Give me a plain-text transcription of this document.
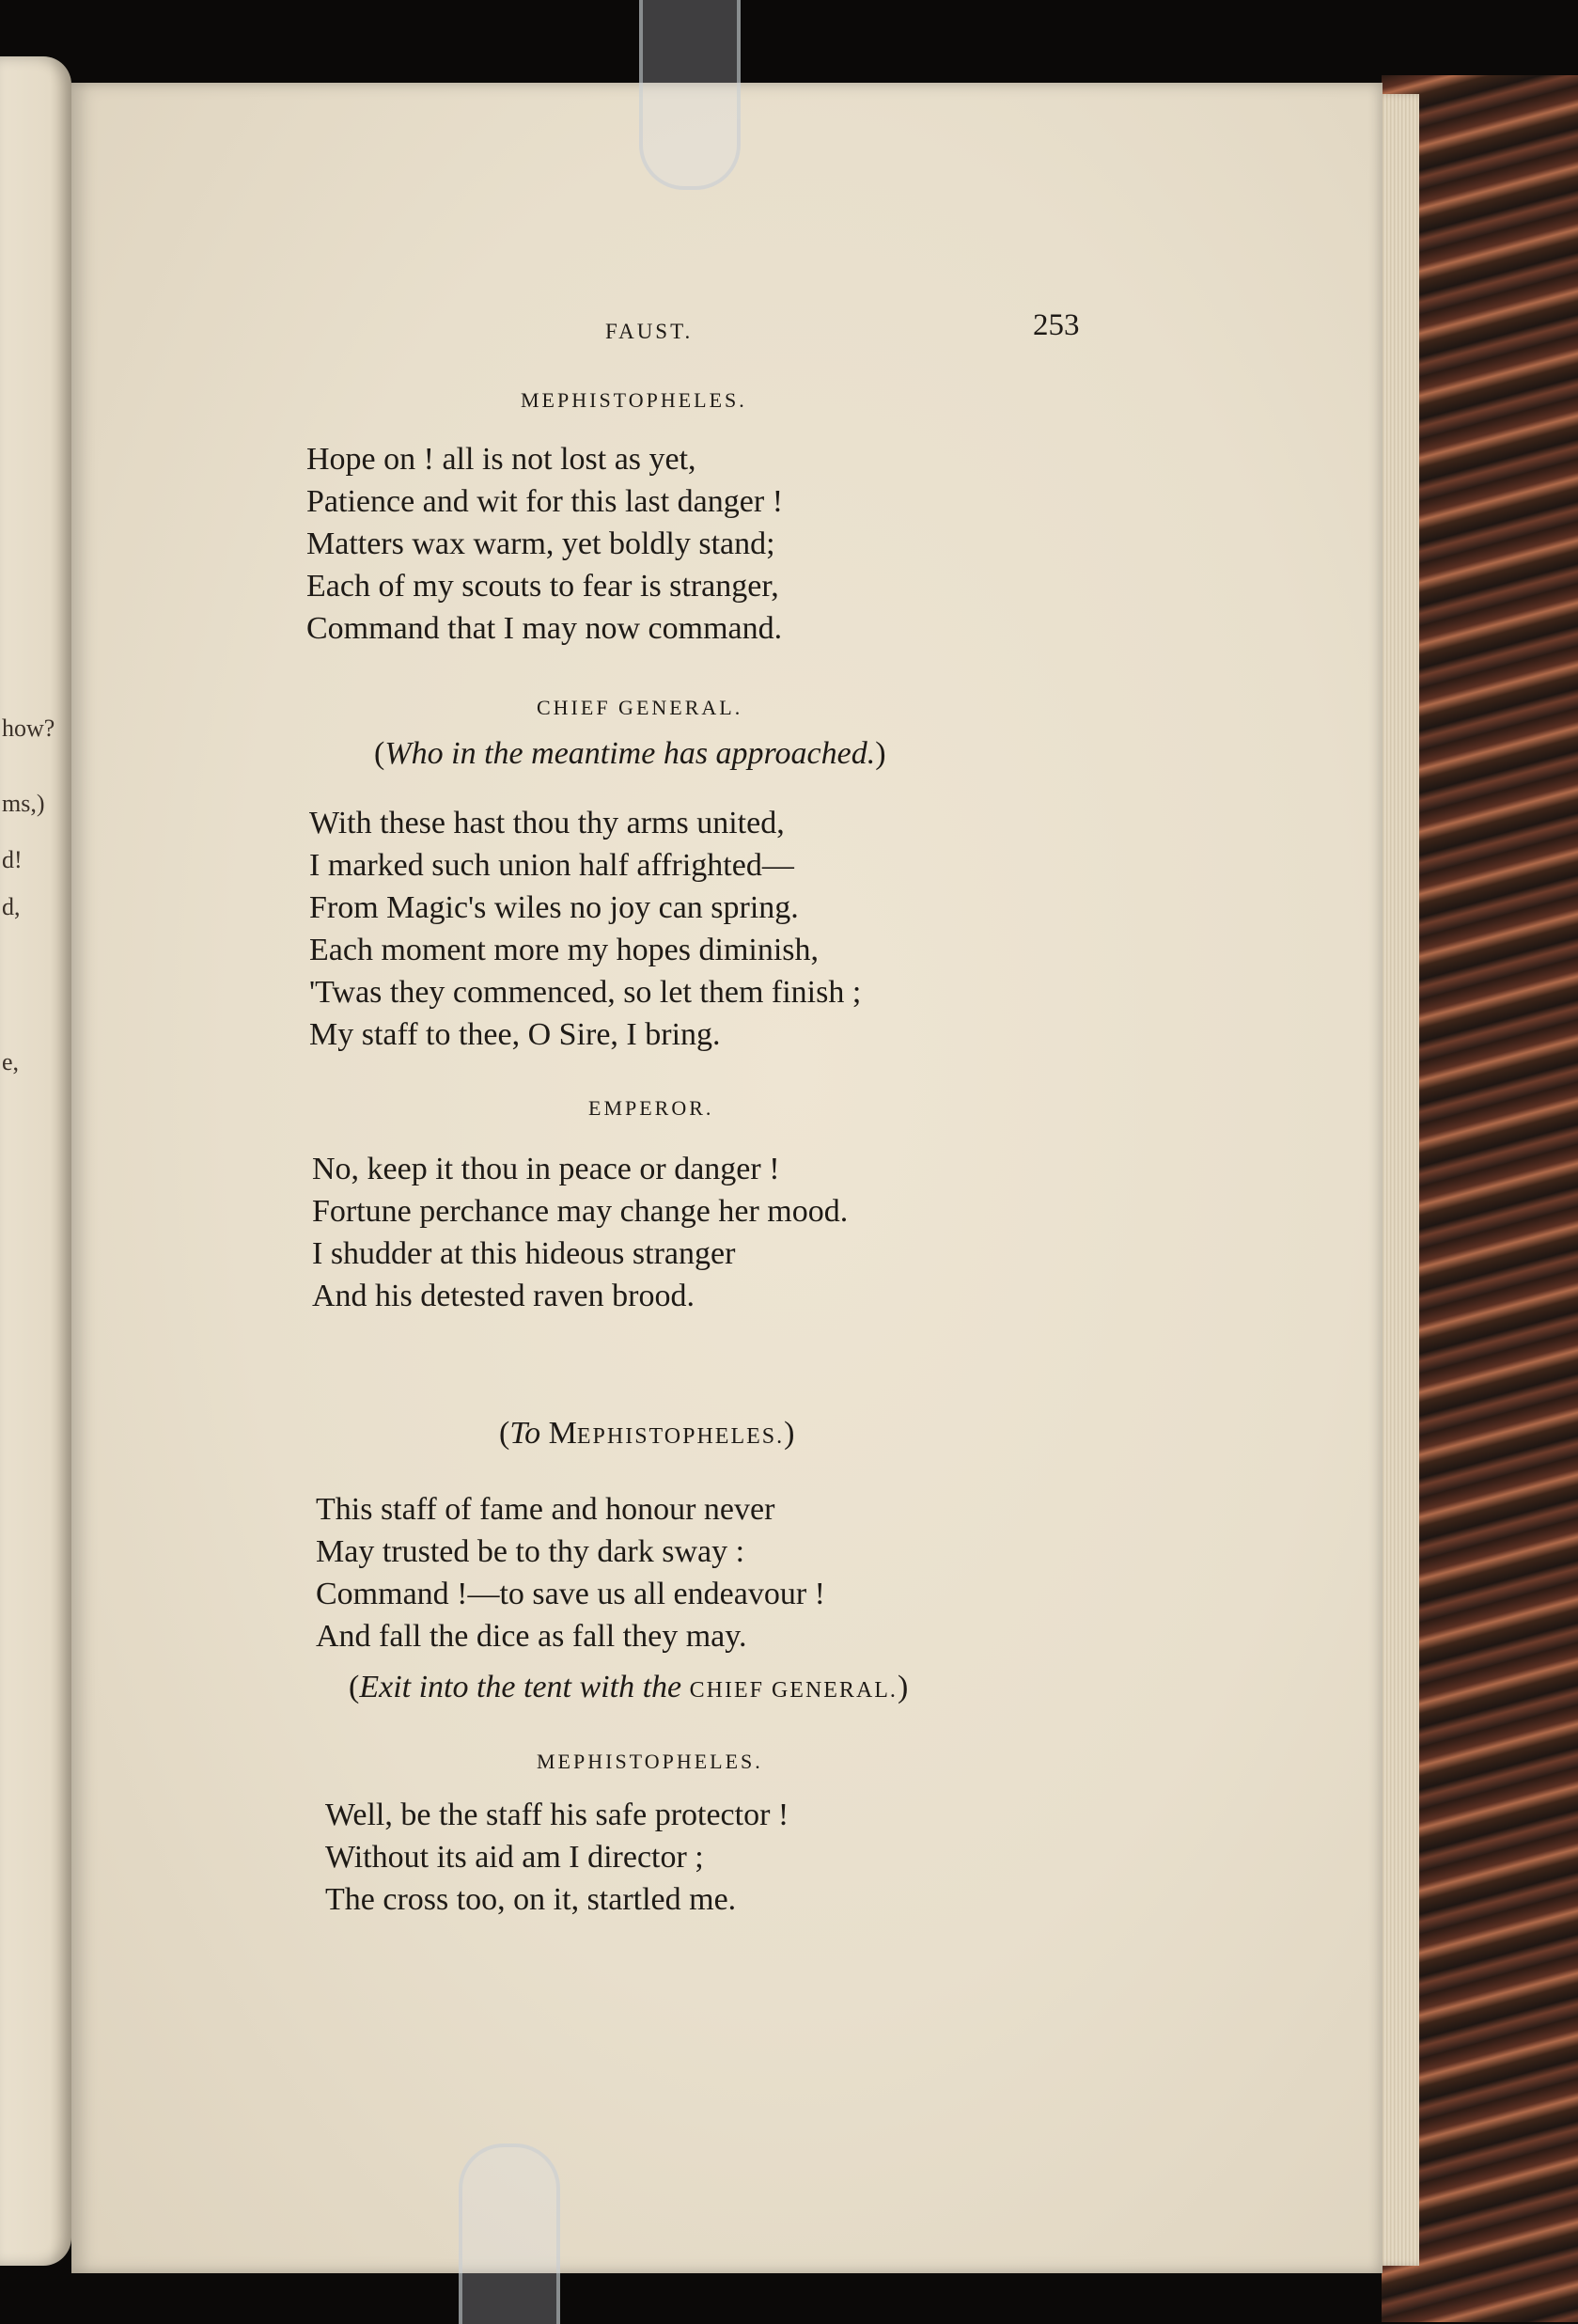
how?
ms,)
d!
d,
e,
FAUST.	253
MEPHISTOPHELES.
Hope on ! all is not lost as yet,
Patience and wit for this last danger !
Matters wax warm, yet boldly stand;
Each of my scouts to fear is stranger,
Command that I may now command.
CHIEF GENERAL.
(Who in the meantime has approached.)
With these hast thou thy arms united,
I marked such union half affrighted—
From Magic's wiles no joy can spring.
Each moment more my hopes diminish,
'Twas they commenced, so let them finish ;
My staff to thee, O Sire, I bring.
EMPEROR.
No, keep it thou in peace or danger !
Fortune perchance may change her mood.
I shudder at this hideous stranger
And his detested raven brood.
(To MEPHISTOPHELES.)
This staff of fame and honour never
May trusted be to thy dark sway :
Command !—to save us all endeavour !
And fall the dice as fall they may.
(Exit into the tent with the CHIEF GENERAL.)
MEPHISTOPHELES.
Well, be the staff his safe protector !
Without its aid am I director ;
The cross too, on it, startled me.
